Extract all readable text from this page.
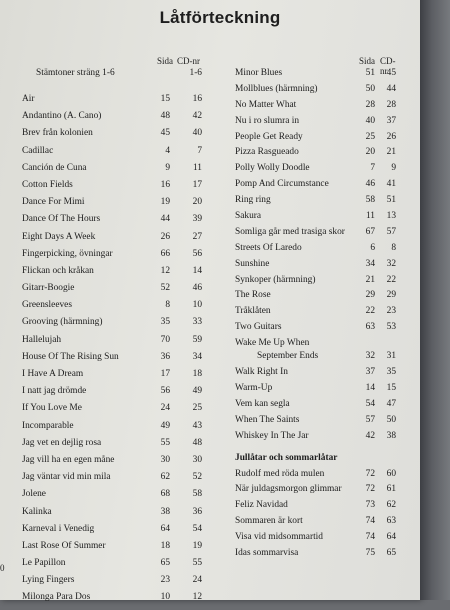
Låtförteckning
Sida CD-nr
Stämtoner sträng 1-6	1-6
Air	15	16
Andantino (A. Cano)	48	42
Brev från kolonien	45	40
Cadillac	4	7
Canción de Cuna	9	11
Cotton Fields	16	17
Dance For Mimi	19	20
Dance Of The Hours	44	39
Eight Days A Week	26	27
Fingerpicking, övningar	66	56
Flickan och kråkan	12	14
Gitarr-Boogie	52	46
Greensleeves	8	10
Grooving (härmning)	35	33
Hallelujah	70	59
House Of The Rising Sun	36	34
I Have A Dream	17	18
I natt jag drömde	56	49
If You Love Me	24	25
Incomparable	49	43
Jag vet en dejlig rosa	55	48
Jag vill ha en egen måne	30	30
Jag väntar vid min mila	62	52
Jolene	68	58
Kalinka	38	36
Karneval i Venedig	64	54
Last Rose Of Summer	18	19
Le Papillon	65	55
Lying Fingers	23	24
Milonga Para Dos	10	12
Sida CD-nr
Minor Blues	51	45
Mollblues (härmning)	50	44
No Matter What	28	28
Nu i ro slumra in	40	37
People Get Ready	25	26
Pizza Rasgueado	20	21
Polly Wolly Doodle	7	9
Pomp And Circumstance	46	41
Ring ring	58	51
Sakura	11	13
Somliga går med trasiga skor	67	57
Streets Of Laredo	6	8
Sunshine	34	32
Synkoper (härmning)	21	22
The Rose	29	29
Tråklåten	22	23
Two Guitars	63	53
Wake Me Up When
September Ends	32	31
Walk Right In	37	35
Warm-Up	14	15
Vem kan segla	54	47
When The Saints	57	50
Whiskey In The Jar	42	38
Jullåtar och sommarlåtar
Rudolf med röda mulen	72	60
När juldagsmorgon glimmar	72	61
Feliz Navidad	73	62
Sommaren är kort	74	63
Visa vid midsommartid	74	64
Idas sommarvisa	75	65
0
